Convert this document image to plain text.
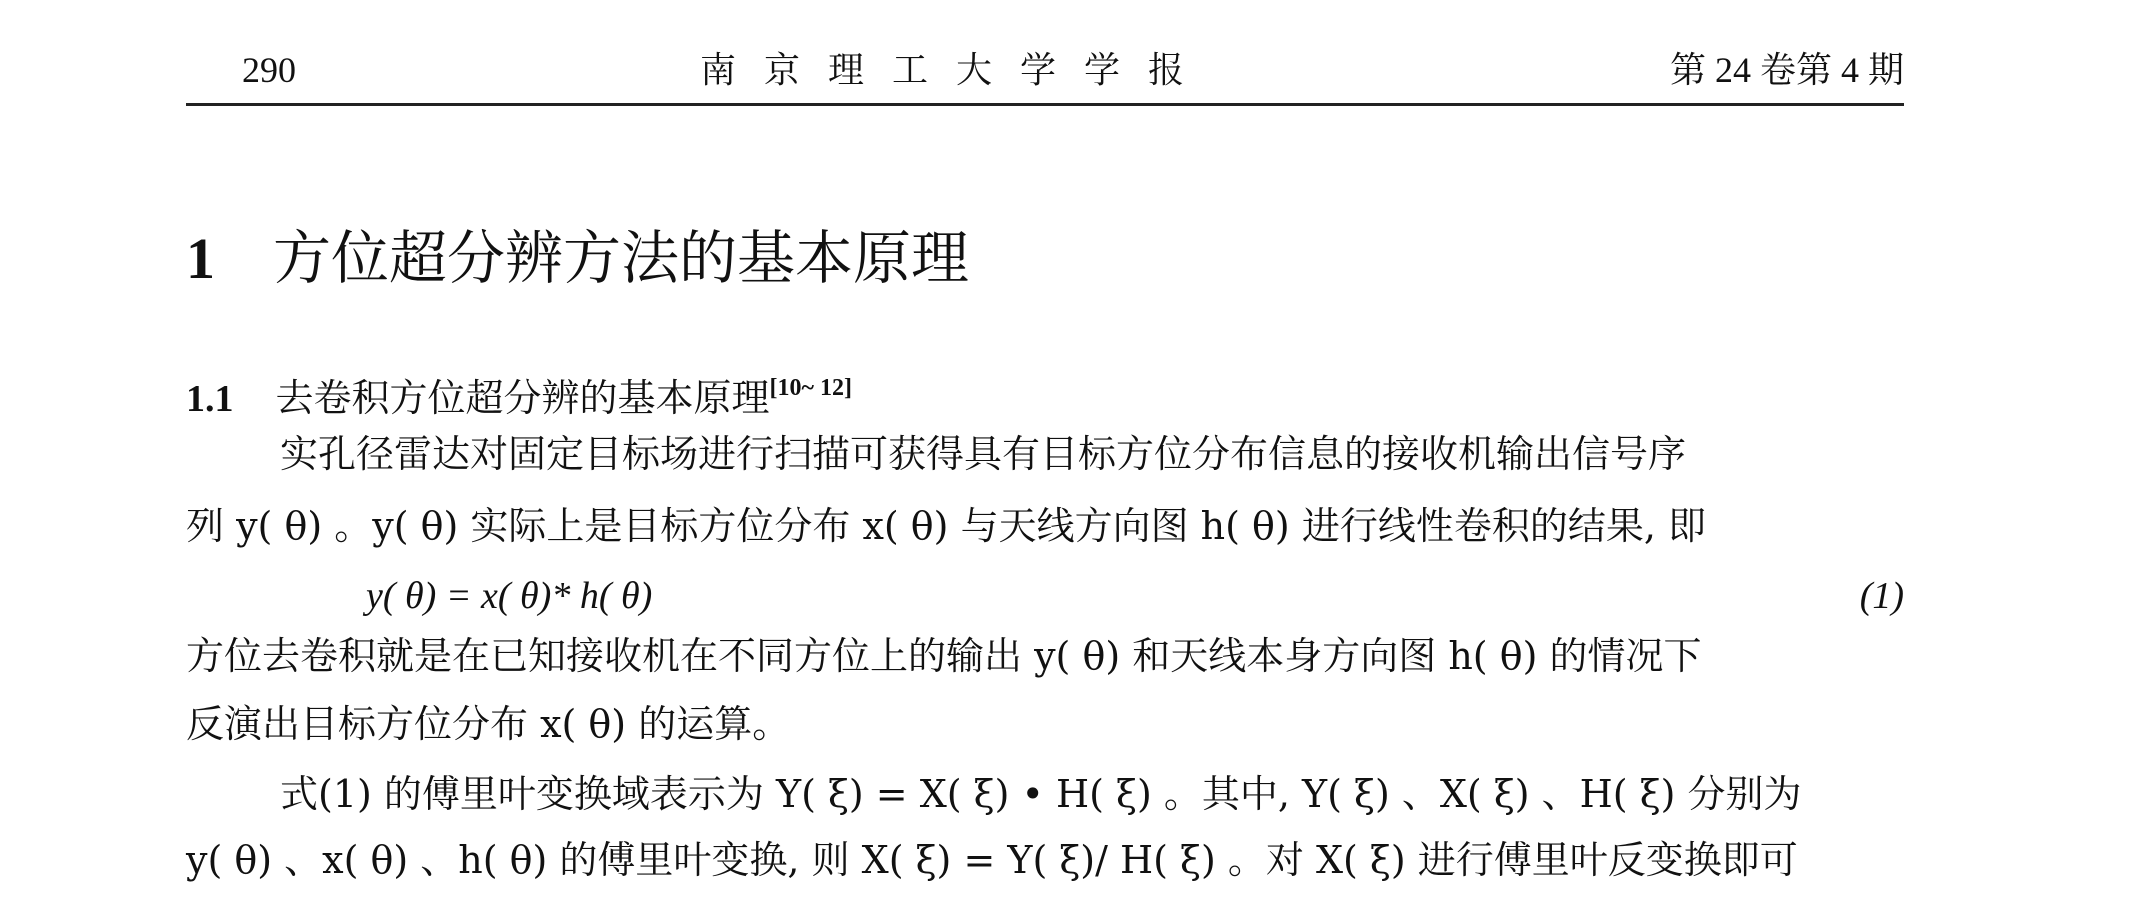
290	南京理工大学学报	第 24 卷第 4 期
1 方位超分辨方法的基本原理
1.1 去卷积方位超分辨的基本原理[10~ 12]
实孔径雷达对固定目标场进行扫描可获得具有目标方位分布信息的接收机输出信号序
列 y( θ) 。y( θ) 实际上是目标方位分布 x( θ) 与天线方向图 h( θ) 进行线性卷积的结果, 即
y( θ) = x( θ)* h( θ)	(1)
方位去卷积就是在已知接收机在不同方位上的输出 y( θ) 和天线本身方向图 h( θ) 的情况下
反演出目标方位分布 x( θ) 的运算。
式(1) 的傅里叶变换域表示为 Y( ξ) = X( ξ) • H( ξ) 。其中, Y( ξ) 、X( ξ) 、H( ξ) 分别为
y( θ) 、x( θ) 、h( θ) 的傅里叶变换, 则 X( ξ) = Y( ξ)/ H( ξ) 。对 X( ξ) 进行傅里叶反变换即可
